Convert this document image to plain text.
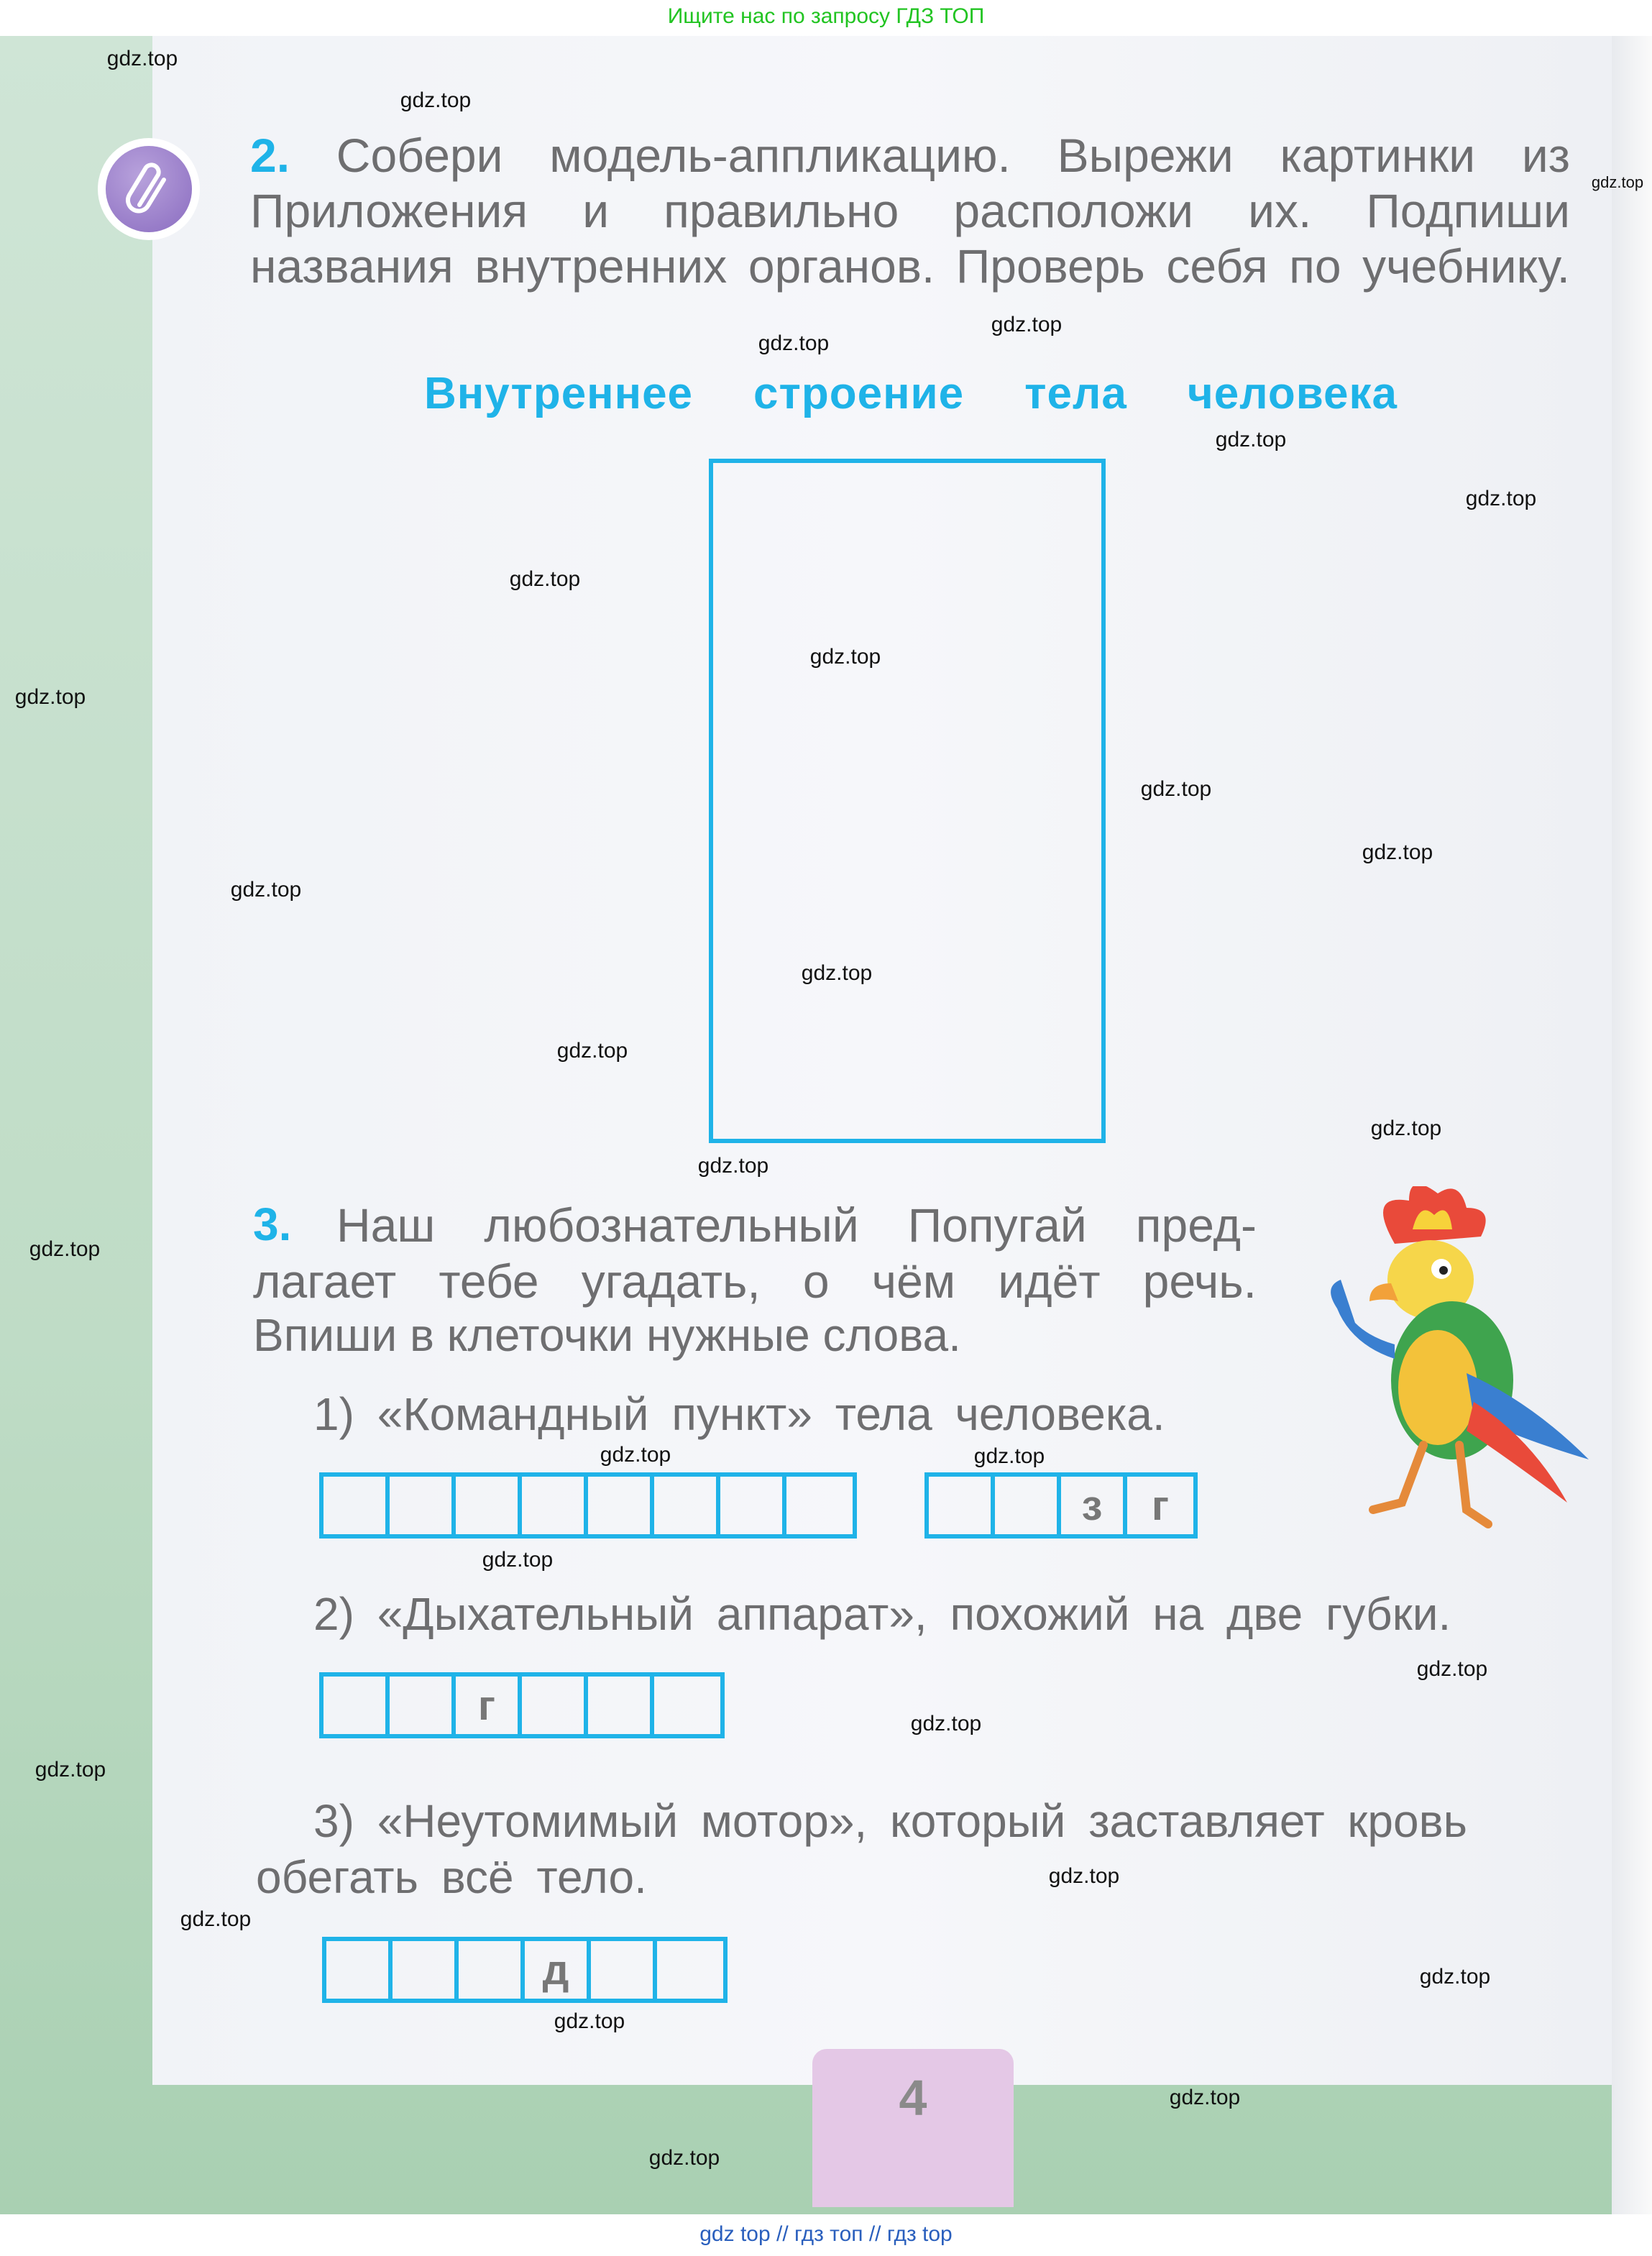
Ищите нас по запросу ГДЗ ТОП
2. Собери модель-аппликацию. Вырежи картинки из Приложения и правильно расположи их. Подпиши названия внутренних органов. Проверь себя по учебнику.
Внутреннее строение тела человека
3. Наш любознательный Попугай пред-
лагает тебе угадать, о чём идёт речь.
Впиши в клеточки нужные слова.
1) «Командный пункт» тела человека.
з	г
2) «Дыхательный аппарат», похожий на две губки.
г
3) «Неутомимый мотор», который заставляет кровь
обегать всё тело.
д
4
gdz.top
gdz.top
gdz.top
gdz.top
gdz.top
gdz.top
gdz.top
gdz.top
gdz.top
gdz.top
gdz.top
gdz.top
gdz.top
gdz.top
gdz.top
gdz.top
gdz.top
gdz.top
gdz.top	gdz.top
gdz.top
gdz.top
gdz.top
gdz.top
gdz.top
gdz.top
gdz.top
gdz.top
gdz.top
gdz.top
gdz top // гдз топ // гдз top
